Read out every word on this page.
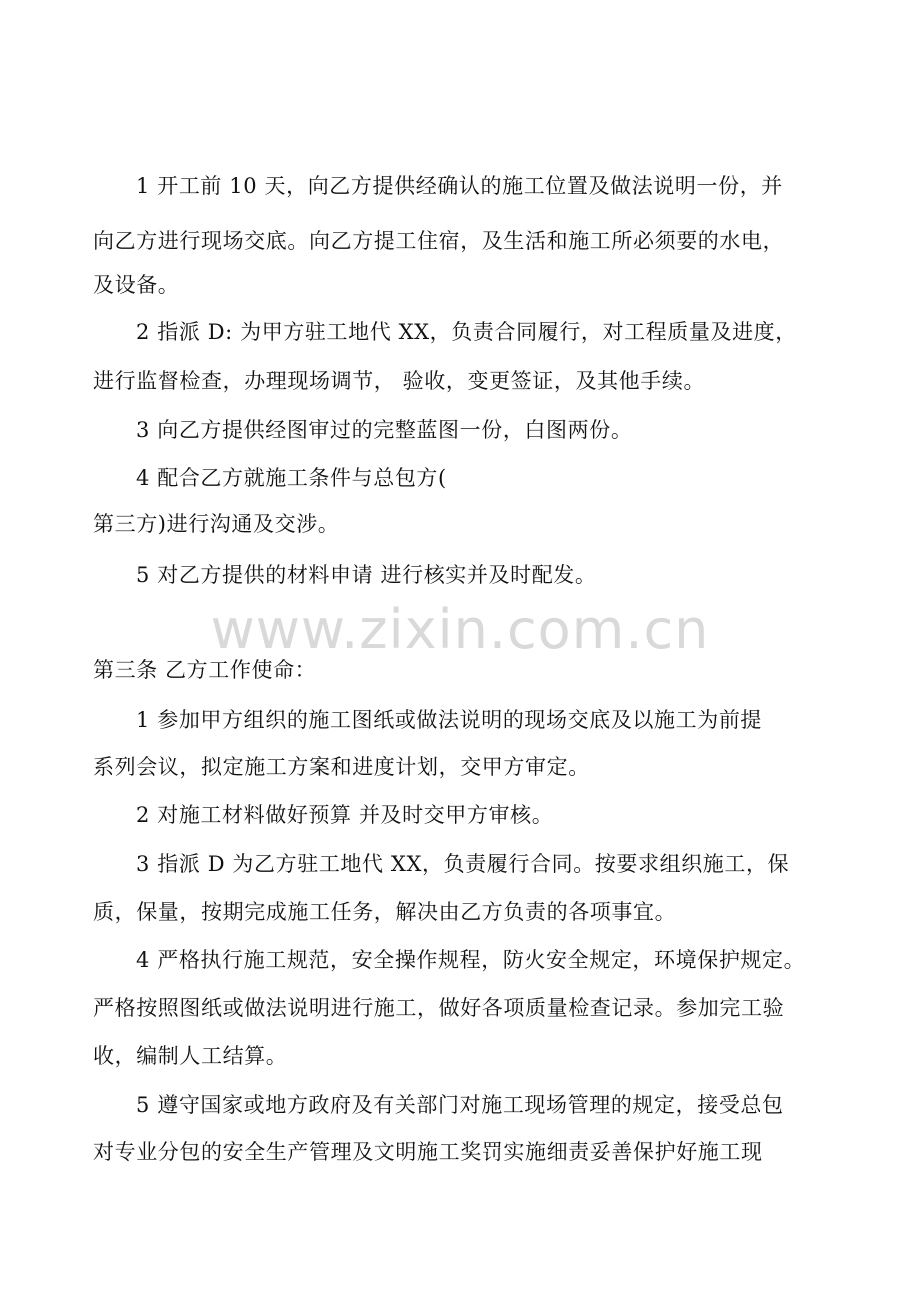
1 开工前 10 天，向乙方提供经确认的施工位置及做法说明一份，并
向乙方进行现场交底。向乙方提工住宿，及生活和施工所必须要的水电，
及设备。
2 指派 D: 为甲方驻工地代 XX，负责合同履行，对工程质量及进度，
进行监督检查，办理现场调节， 验收，变更签证，及其他手续。
3 向乙方提供经图审过的完整蓝图一份，白图两份。
4 配合乙方就施工条件与总包方(
第三方)进行沟通及交涉。
5 对乙方提供的材料申请 进行核实并及时配发。
www.zixin.com.cn
第三条 乙方工作使命：
1 参加甲方组织的施工图纸或做法说明的现场交底及以施工为前提
系列会议，拟定施工方案和进度计划，交甲方审定。
2 对施工材料做好预算 并及时交甲方审核。
3 指派 D 为乙方驻工地代 XX，负责履行合同。按要求组织施工，保
质，保量，按期完成施工任务，解决由乙方负责的各项事宜。
4 严格执行施工规范，安全操作规程，防火安全规定，环境保护规定。
严格按照图纸或做法说明进行施工，做好各项质量检查记录。参加完工验
收，编制人工结算。
5 遵守国家或地方政府及有关部门对施工现场管理的规定，接受总包
对专业分包的安全生产管理及文明施工奖罚实施细责妥善保护好施工现
